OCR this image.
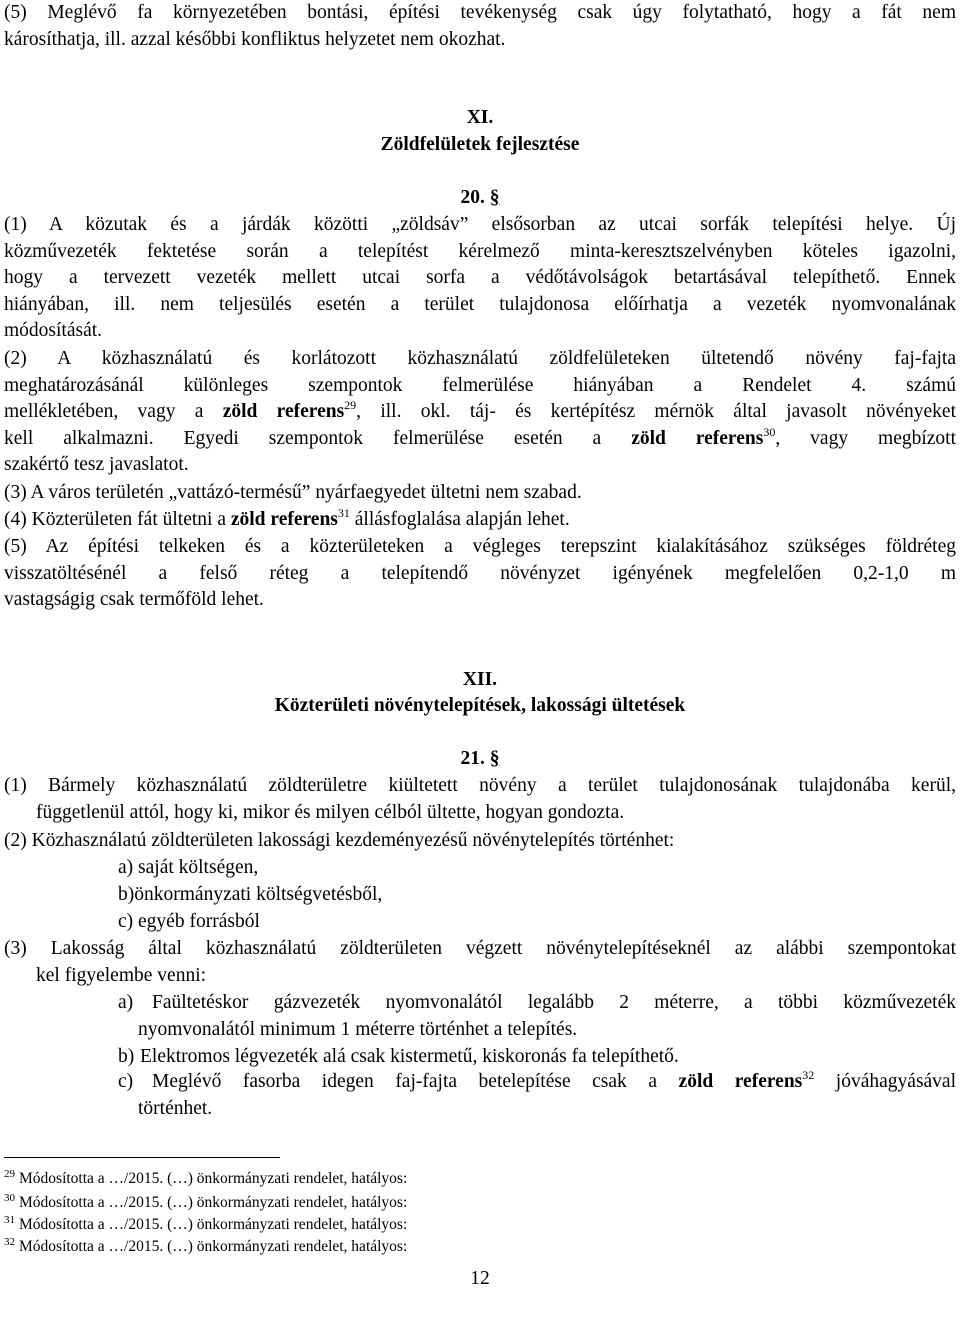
(5) Meglévő fa környezetében bontási, építési tevékenység csak úgy folytatható, hogy a fát nem
károsíthatja, ill. azzal későbbi konfliktus helyzetet nem okozhat.

XI.
Zöldfelületek fejlesztése
20. §

(1) A közutak és a járdák közötti „zöldsáv” elsősorban az utcai sorfák telepítési helye. Új
közművezeték fektetése során a telepítést kérelmező minta-keresztszelvényben köteles igazolni,
hogy a tervezett vezeték mellett utcai sorfa a védőtávolságok betartásával telepíthető. Ennek
hiányában, ill. nem teljesülés esetén a terület tulajdonosa előírhatja a vezeték nyomvonalának
módosítását.

(2) A közhasználatú és korlátozott közhasználatú zöldfelületeken ültetendő növény faj-fajta
meghatározásánál különleges szempontok felmerülése hiányában a Rendelet 4. számú
mellékletében, vagy a zöld referens$^{29}$, ill. okl. táj- és kertépítész mérnök által javasolt növényeket
kell alkalmazni. Egyedi szempontok felmerülése esetén a zöld referens$^{30}$, vagy megbízott
szakértő tesz javaslatot.

(3) A város területén „vattázó-termésű” nyárfaegyedet ültetni nem szabad.

(4) Közterületen fát ültetni a zöld referens$^{31}$ állásfoglalása alapján lehet.

(5) Az építési telkeken és a közterületeken a végleges terepszint kialakításához szükséges földréteg
visszatöltésénél a felső réteg a telepítendő növényzet igényének megfelelően 0,2-1,0 m
vastagságig csak termőföld lehet.

XII.
Közterületi növénytelepítések, lakossági ültetések
21. §

(1) Bármely közhasználatú zöldterületre kiültetett növény a terület tulajdonosának tulajdonába kerül,
függetlenül attól, hogy ki, mikor és milyen célból ültette, hogyan gondozta.

(2) Közhasználatú zöldterületen lakossági kezdeményezésű növénytelepítés történhet:

a) saját költségen,
b)önkormányzati költségvetésből,
c) egyéb forrásból

(3) Lakosság által közhasználatú zöldterületen végzett növénytelepítéseknél az alábbi szempontokat
kel figyelembe venni:

a) Faültetéskor gázvezeték nyomvonalától legalább 2 méterre, a többi közművezeték
nyomvonalától minimum 1 méterre történhet a telepítés.
b) Elektromos légvezeték alá csak kistermetű, kiskoronás fa telepíthető.
c) Meglévő fasorba idegen faj-fajta betelepítése csak a zöld referens$^{32}$ jóváhagyásával
történhet.

$^{29}$ Módosította a …/2015. (…) önkormányzati rendelet, hatályos:

$^{30}$ Módosította a …/2015. (…) önkormányzati rendelet, hatályos:

$^{31}$ Módosította a …/2015. (…) önkormányzati rendelet, hatályos:

$^{32}$ Módosította a …/2015. (…) önkormányzati rendelet, hatályos:

12
